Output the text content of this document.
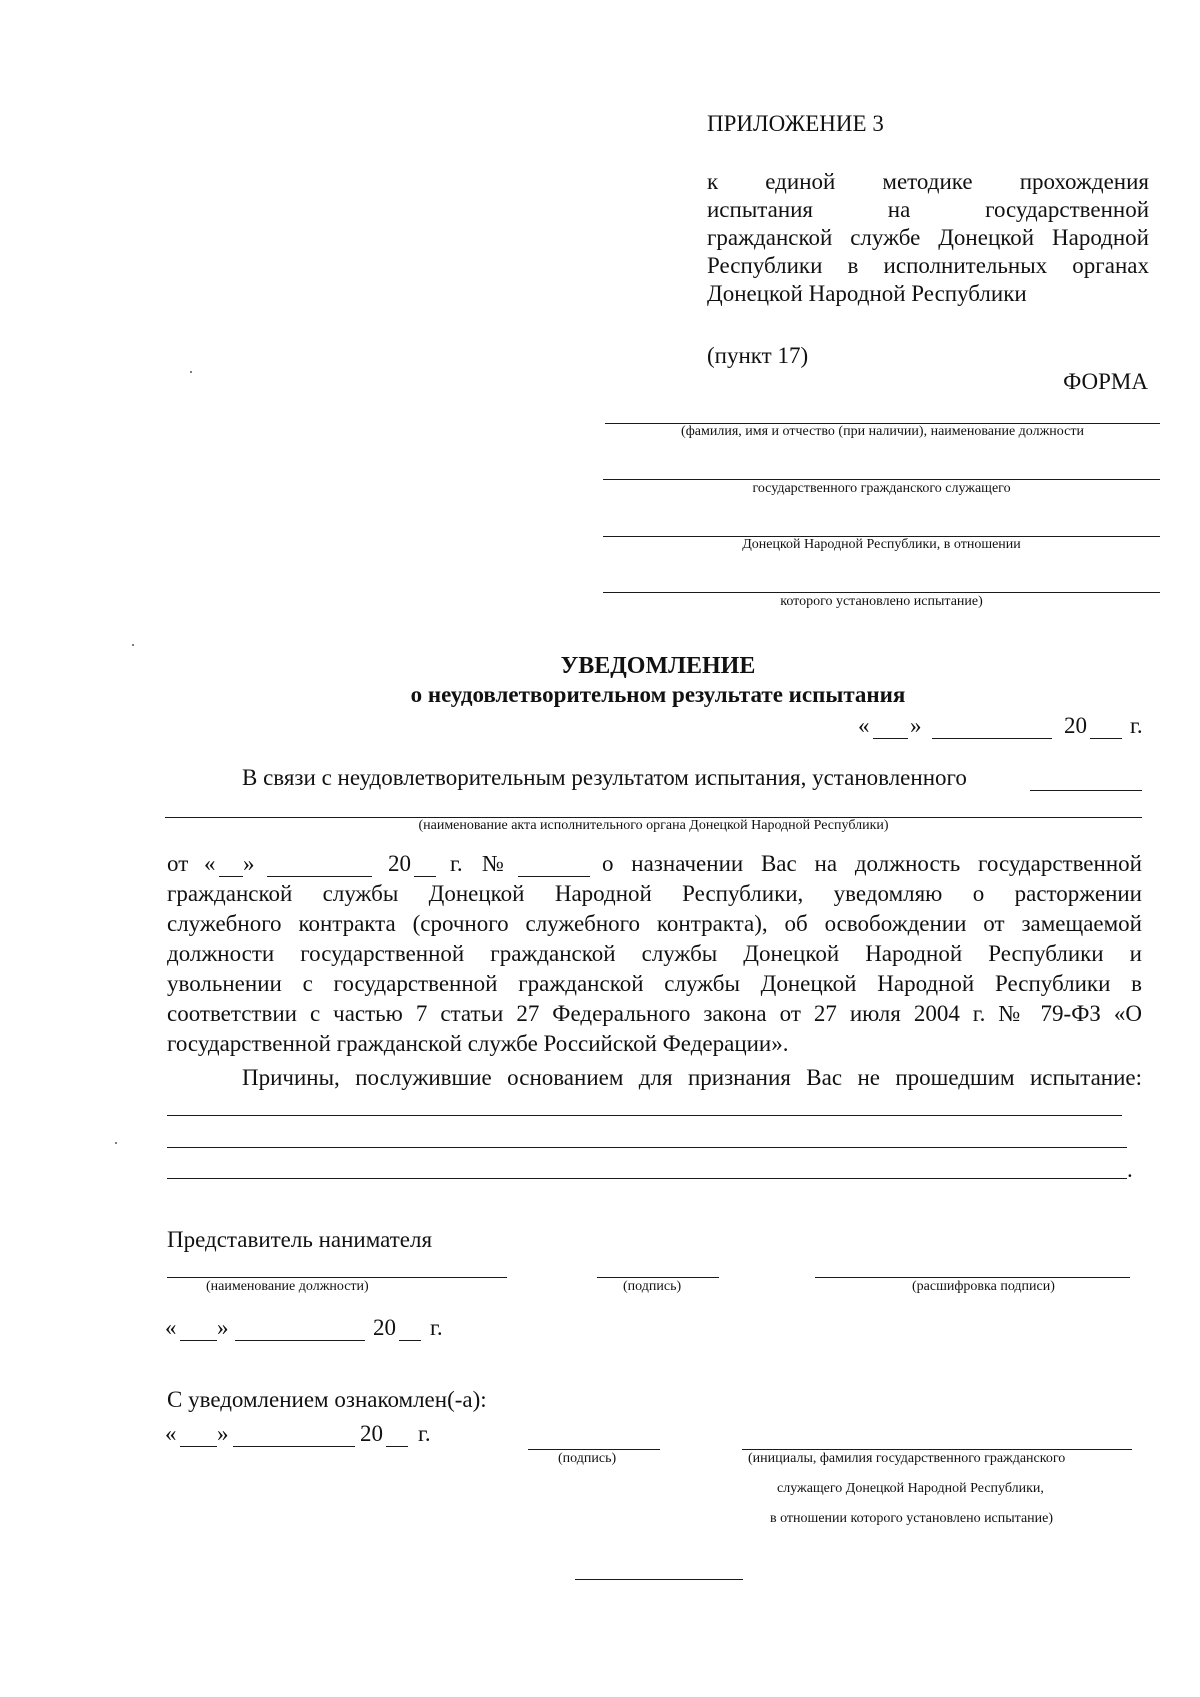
ПРИЛОЖЕНИЕ 3
к единой методике прохождения
испытания	на	государственной
гражданской службе Донецкой Народной
Республики в исполнительных органах
Донецкой Народной Республики
(пункт 17)
ФОРМА
(фамилия, имя и отчество (при наличии), наименование должности
государственного гражданского служащего
Донецкой Народной Республики, в отношении
которого установлено испытание)
УВЕДОМЛЕНИЕ
о неудовлетворительном результате испытания
« »	20 г.
В связи с неудовлетворительным результатом испытания, установленного
(наименование акта исполнительного органа Донецкой Народной Республики)
от « »	20 г. №	о назначении Вас на должность государственной
гражданской службы Донецкой Народной Республики, уведомляю о расторжении
служебного контракта (срочного служебного контракта), об освобождении от замещаемой
должности государственной гражданской службы Донецкой Народной Республики и
увольнении с государственной гражданской службы Донецкой Народной Республики в
соответствии с частью 7 статьи 27 Федерального закона от 27 июля 2004 г. № 79-ФЗ «О
государственной гражданской службе Российской Федерации».
Причины, послужившие основанием для признания Вас не прошедшим испытание:
.
Представитель нанимателя
(наименование должности)	(подпись)	(расшифровка подписи)
« »	20 г.
С уведомлением ознакомлен(-а):
« »	20 г.
(подпись)	(инициалы, фамилия государственного гражданского
служащего Донецкой Народной Республики,
в отношении которого установлено испытание)
